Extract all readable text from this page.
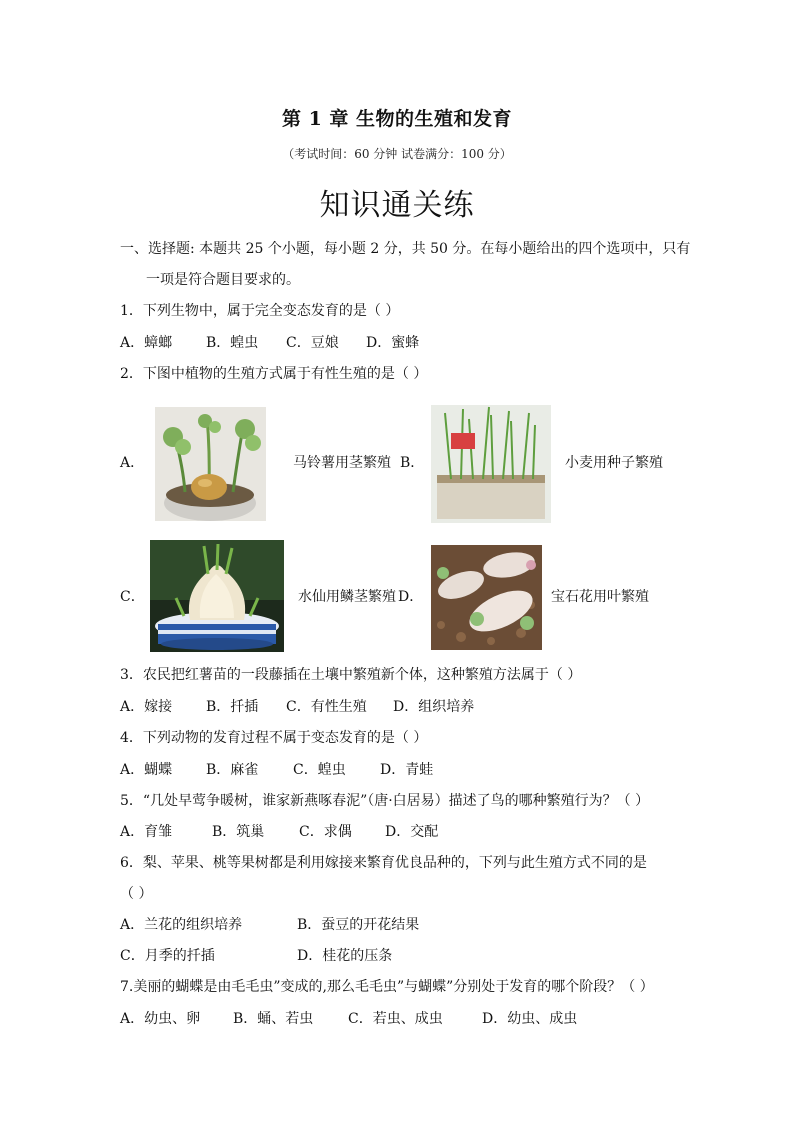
第 1 章 生物的生殖和发育
（考试时间：60 分钟 试卷满分：100 分）
知识通关练
一、选择题: 本题共 25 个小题，每小题 2 分，共 50 分。在每小题给出的四个选项中，只有
一项是符合题目要求的。
1．下列生物中，属于完全变态发育的是（ ）
A．蟑螂 B．蝗虫 C．豆娘 D．蜜蜂
2．下图中植物的生殖方式属于有性生殖的是（ ）
A．	马铃薯用茎繁殖 B．	小麦用种子繁殖
C．	水仙用鳞茎繁殖 D．	宝石花用叶繁殖
3．农民把红薯苗的一段藤插在土壤中繁殖新个体，这种繁殖方法属于（ ）
A．嫁接 B．扦插 C．有性生殖 D．组织培养
4．下列动物的发育过程不属于变态发育的是（ ）
A．蝴蝶 B．麻雀 C．蝗虫 D．青蛙
5．“几处早莺争暖树，谁家新燕啄春泥”（唐·白居易）描述了鸟的哪种繁殖行为？（ ）
A．育雏	B．筑巢 C．求偶 D．交配
6．梨、苹果、桃等果树都是利用嫁接来繁育优良品种的，下列与此生殖方式不同的是
（ ）
A．兰花的组织培养	B．蚕豆的开花结果
C．月季的扦插	D．桂花的压条
7.美丽的蝴蝶是由毛毛虫”变成的,那么毛毛虫”与蝴蝶”分别处于发育的哪个阶段？（ ）
A．幼虫、卵 B．蛹、若虫 C．若虫、成虫	D．幼虫、成虫
